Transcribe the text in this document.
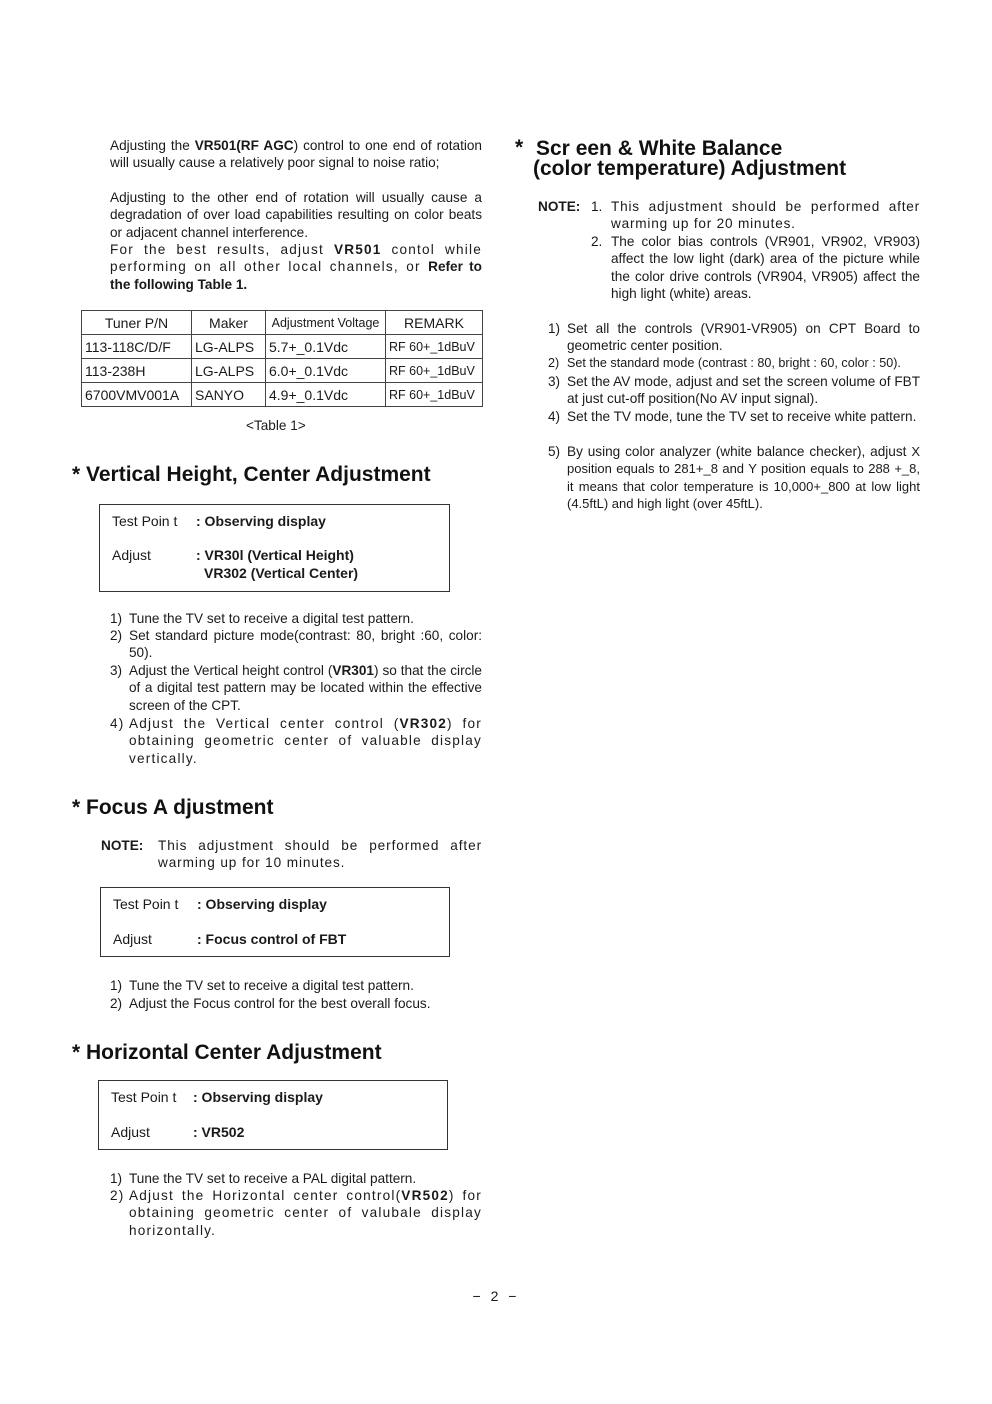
Adjusting the VR501(RF AGC) control to one end of rotation will usually cause a relatively poor signal to noise ratio;
Adjusting to the other end of rotation will usually cause a degradation of over load capabilities resulting on color beats or adjacent channel interference.
For the best results, adjust VR501 contol while performing on all other local channels, or Refer to the following Table 1.
Tuner P/N	Maker	Adjustment Voltage	REMARK
113-118C/D/F	LG-ALPS	5.7+_0.1Vdc	RF 60+_1dBuV
113-238H	LG-ALPS	6.0+_0.1Vdc	RF 60+_1dBuV
6700VMV001A	SANYO	4.9+_0.1Vdc	RF 60+_1dBuV
<Table 1>
* Vertical Height, Center Adjustment
Test Poin t : Observing display
Adjust	: VR30l (Vertical Height)
VR302 (Vertical Center)
1) Tune the TV set to receive a digital test pattern.
2) Set standard picture mode(contrast: 80, bright :60, color: 50).
3) Adjust the Vertical height control (VR301) so that the circle of a digital test pattern may be located within the effective screen of the CPT.
4) Adjust the Vertical center control (VR302) for obtaining geometric center of valuable display vertically.
* Focus A djustment
NOTE: This adjustment should be performed after warming up for 10 minutes.
Test Poin t : Observing display
Adjust	: Focus control of FBT
1) Tune the TV set to receive a digital test pattern.
2) Adjust the Focus control for the best overall focus.
* Horizontal Center Adjustment
Test Poin t : Observing display
Adjust	: VR502
1) Tune the TV set to receive a PAL digital pattern.
2) Adjust the Horizontal center control(VR502) for obtaining geometric center of valubale display horizontally.
* Scr een & White Balance
(color temperature) Adjustment
NOTE: 1. This adjustment should be performed after warming up for 20 minutes.
2. The color bias controls (VR901, VR902, VR903) affect the low light (dark) area of the picture while the color drive controls (VR904, VR905) affect the high light (white) areas.
1) Set all the controls (VR901-VR905) on CPT Board to geometric center position.
2) Set the standard mode (contrast : 80, bright : 60, color : 50).
3) Set the AV mode, adjust and set the screen volume of FBT at just cut-off position(No AV input signal).
4) Set the TV mode, tune the TV set to receive white pattern.
5) By using color analyzer (white balance checker), adjust X position equals to 281+_8 and Y position equals to 288 +_8, it means that color temperature is 10,000+_800 at low light (4.5ftL) and high light (over 45ftL).
− 2 −
